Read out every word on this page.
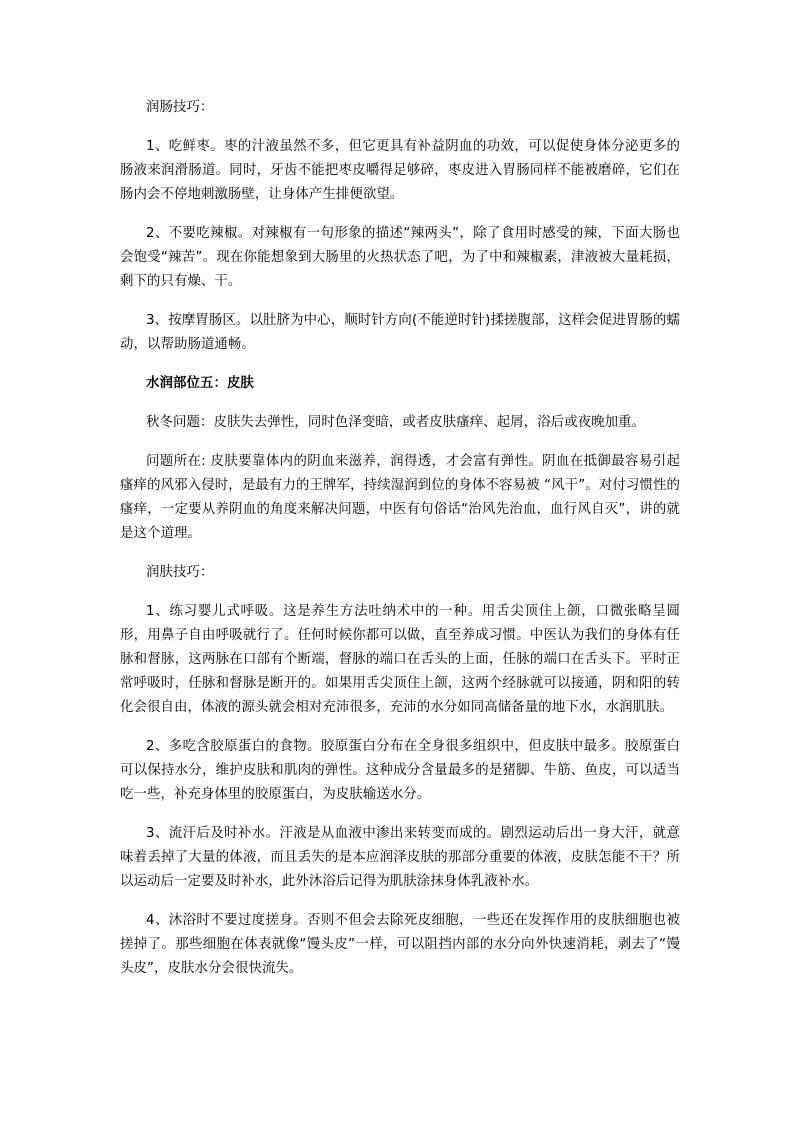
润肠技巧：

1、吃鲜枣。枣的汁液虽然不多，但它更具有补益阴血的功效，可以促使身体分泌更多的肠液来润滑肠道。同时，牙齿不能把枣皮嚼得足够碎，枣皮进入胃肠同样不能被磨碎，它们在肠内会不停地刺激肠壁，让身体产生排便欲望。

2、不要吃辣椒。对辣椒有一句形象的描述“辣两头”，除了食用时感受的辣，下面大肠也会饱受“辣苦”。现在你能想象到大肠里的火热状态了吧，为了中和辣椒素，津液被大量耗损，剩下的只有燥、干。

3、按摩胃肠区。以肚脐为中心，顺时针方向(不能逆时针)揉搓腹部，这样会促进胃肠的蠕动，以帮助肠道通畅。

水润部位五：皮肤

秋冬问题：皮肤失去弹性，同时色泽变暗，或者皮肤瘙痒、起屑，浴后或夜晚加重。

问题所在: 皮肤要靠体内的阴血来滋养，润得透，才会富有弹性。阴血在抵御最容易引起瘙痒的风邪入侵时，是最有力的王牌军，持续湿润到位的身体不容易被 “风干”。对付习惯性的瘙痒，一定要从养阴血的角度来解决问题，中医有句俗话“治风先治血，血行风自灭”，讲的就是这个道理。

润肤技巧：

1、练习婴儿式呼吸。这是养生方法吐纳术中的一种。用舌尖顶住上颌，口微张略呈圆形，用鼻子自由呼吸就行了。任何时候你都可以做，直至养成习惯。中医认为我们的身体有任脉和督脉，这两脉在口部有个断端，督脉的端口在舌头的上面，任脉的端口在舌头下。平时正常呼吸时，任脉和督脉是断开的。如果用舌尖顶住上颌，这两个经脉就可以接通，阴和阳的转化会很自由，体液的源头就会相对充沛很多，充沛的水分如同高储备量的地下水，水润肌肤。

2、多吃含胶原蛋白的食物。胶原蛋白分布在全身很多组织中，但皮肤中最多。胶原蛋白可以保持水分，维护皮肤和肌肉的弹性。这种成分含量最多的是猪脚、牛筋、鱼皮，可以适当吃一些，补充身体里的胶原蛋白，为皮肤输送水分。

3、流汗后及时补水。汗液是从血液中渗出来转变而成的。剧烈运动后出一身大汗，就意味着丢掉了大量的体液，而且丢失的是本应润泽皮肤的那部分重要的体液，皮肤怎能不干？所以运动后一定要及时补水，此外沐浴后记得为肌肤涂抹身体乳液补水。

4、沐浴时不要过度搓身。否则不但会去除死皮细胞，一些还在发挥作用的皮肤细胞也被搓掉了。那些细胞在体表就像“馒头皮”一样，可以阻挡内部的水分向外快速消耗，剥去了“馒头皮”，皮肤水分会很快流失。
